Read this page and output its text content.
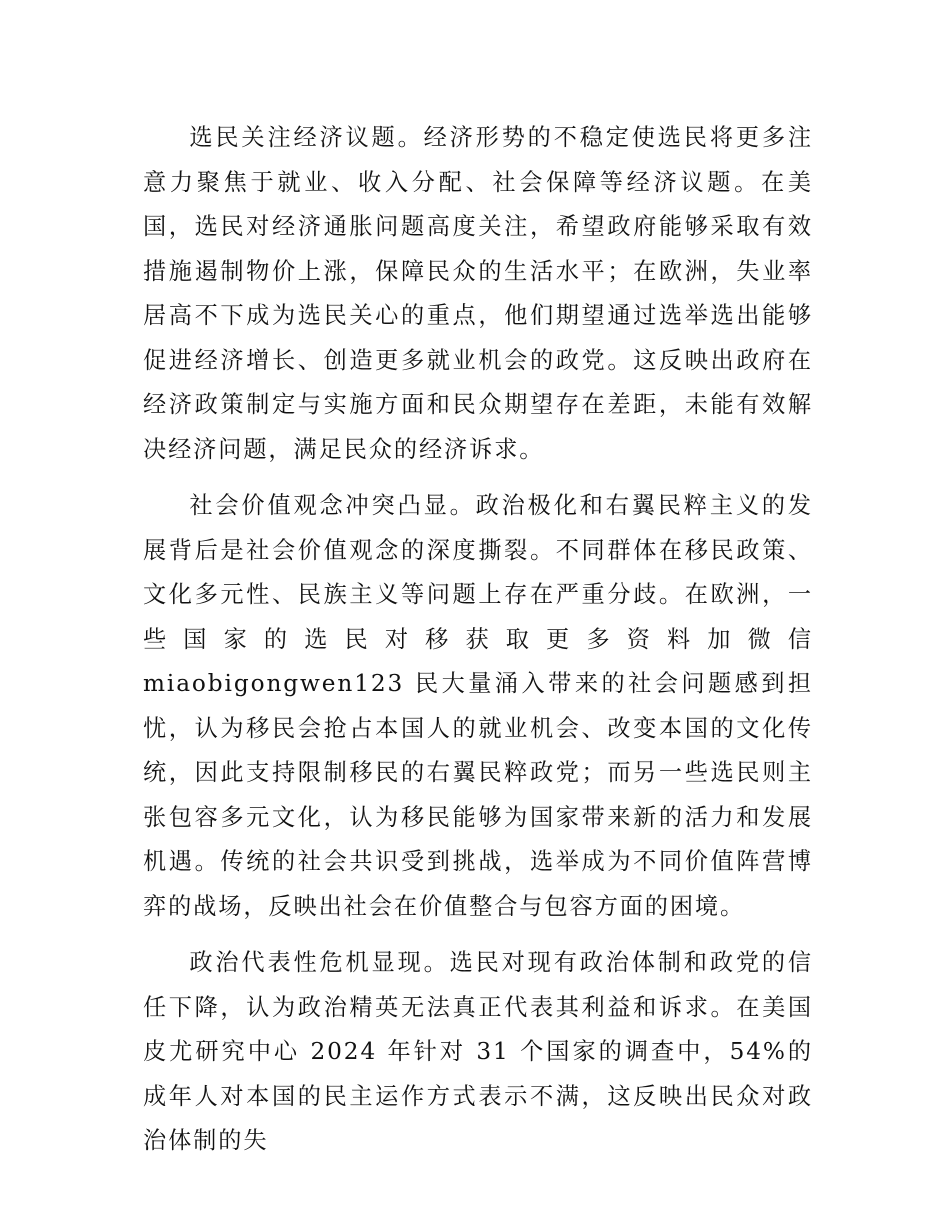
选民关注经济议题。经济形势的不稳定使选民将更多注意力聚焦于就业、收入分配、社会保障等经济议题。在美国，选民对经济通胀问题高度关注，希望政府能够采取有效措施遏制物价上涨，保障民众的生活水平；在欧洲，失业率居高不下成为选民关心的重点，他们期望通过选举选出能够促进经济增长、创造更多就业机会的政党。这反映出政府在经济政策制定与实施方面和民众期望存在差距，未能有效解决经济问题，满足民众的经济诉求。

社会价值观念冲突凸显。政治极化和右翼民粹主义的发展背后是社会价值观念的深度撕裂。不同群体在移民政策、文化多元性、民族主义等问题上存在严重分歧。在欧洲，一些国家的选民对移获取更多资料加微信 miaobigongwen123 民大量涌入带来的社会问题感到担忧，认为移民会抢占本国人的就业机会、改变本国的文化传统，因此支持限制移民的右翼民粹政党；而另一些选民则主张包容多元文化，认为移民能够为国家带来新的活力和发展机遇。传统的社会共识受到挑战，选举成为不同价值阵营博弈的战场，反映出社会在价值整合与包容方面的困境。

政治代表性危机显现。选民对现有政治体制和政党的信任下降，认为政治精英无法真正代表其利益和诉求。在美国皮尤研究中心 2024 年针对 31 个国家的调查中，54%的成年人对本国的民主运作方式表示不满，这反映出民众对政治体制的失
